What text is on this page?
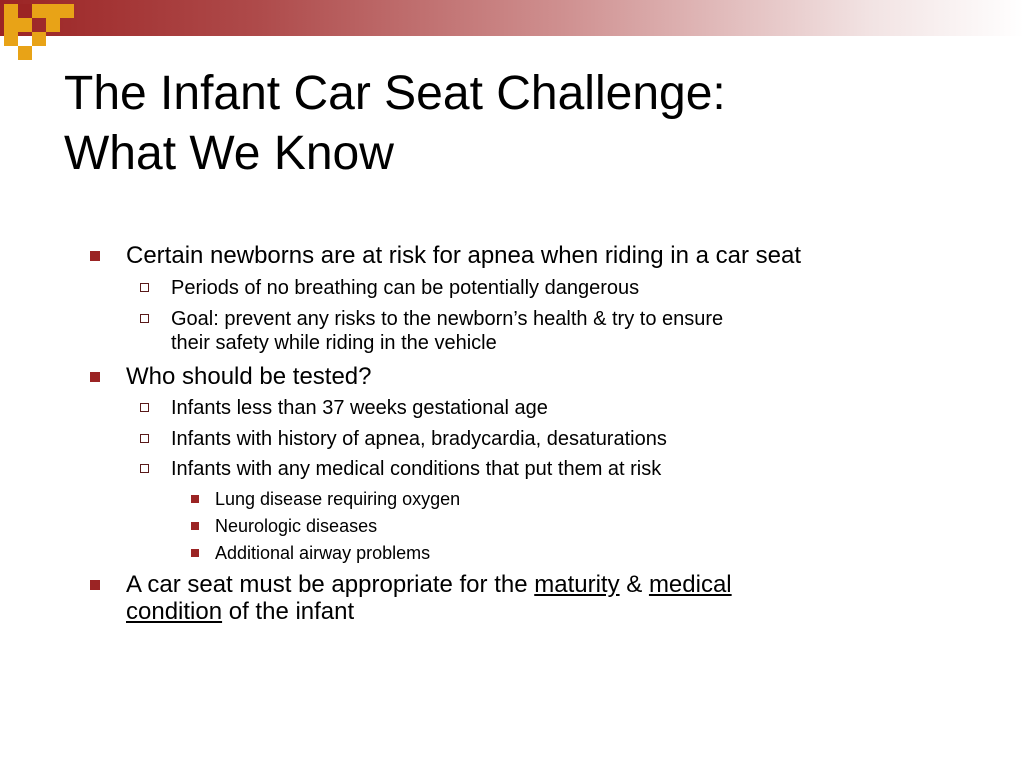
The Infant Car Seat Challenge:
What We Know
Certain newborns are at risk for apnea when riding in a car seat
Periods of no breathing can be potentially dangerous
Goal: prevent any risks to the newborn’s health & try to ensure
their safety while riding in the vehicle
Who should be tested?
Infants less than 37 weeks gestational age
Infants with history of apnea, bradycardia, desaturations
Infants with any medical conditions that put them at risk
Lung disease requiring oxygen
Neurologic diseases
Additional airway problems
A car seat must be appropriate for the maturity & medical
condition of the infant
